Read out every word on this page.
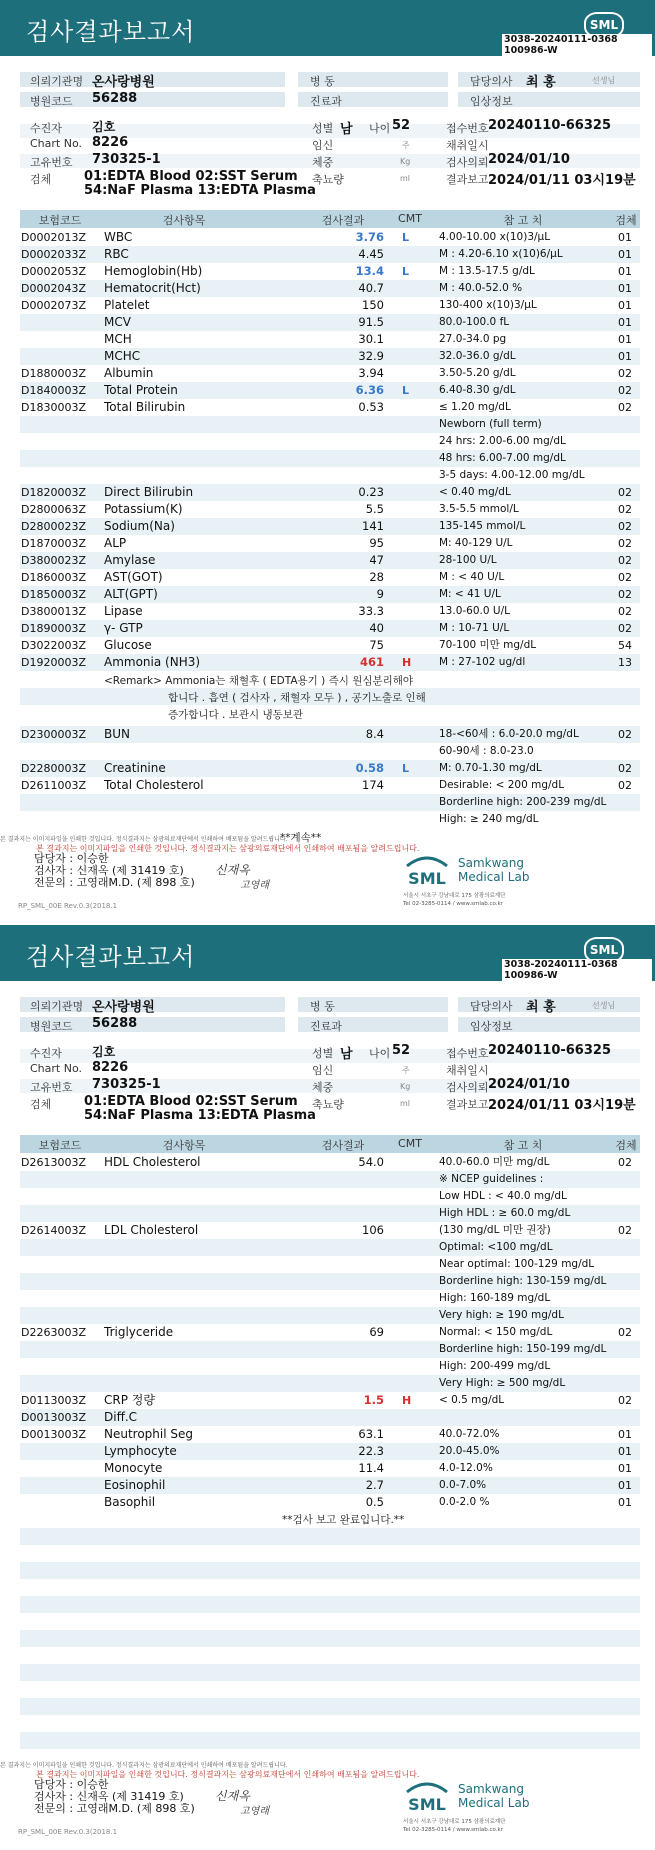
검사결과보고서	SML
3038-20240111-0368 100986-W
의뢰기관명 온사랑병원
병원코드 56288
병 동
진료과
담당의사 최 홍	선생님
임상정보
수진자	김호
Chart No. 8226
고유번호 730325-1
검체	01:EDTA Blood 02:SST Serum
54:NaF Plasma 13:EDTA Plasma
성별 남 나이 52
임신	주
체중	Kg
축뇨량	ml
접수번호 20240110-66325
채취일시
검사의뢰 2024/01/10
결과보고 2024/01/11 03시19분
보험코드	검사항목	검사결과	CMT	참 고 치	검체
D0002013Z WBC	3.76 L	4.00-10.00 x(10)3/μL	01
D0002033Z RBC	4.45	M : 4.20-6.10 x(10)6/μL	01
D0002053Z Hemoglobin(Hb)	13.4 L	M : 13.5-17.5 g/dL	01
D0002043Z Hematocrit(Hct)	40.7	M : 40.0-52.0 %	01
D0002073Z Platelet	150	130-400 x(10)3/μL	01
MCV	91.5	80.0-100.0 fL	01
MCH	30.1	27.0-34.0 pg	01
MCHC	32.9	32.0-36.0 g/dL	01
D1880003Z Albumin	3.94	3.50-5.20 g/dL	02
D1840003Z Total Protein	6.36 L	6.40-8.30 g/dL	02
D1830003Z Total Bilirubin	0.53	≤ 1.20 mg/dL	02
Newborn (full term)
24 hrs: 2.00-6.00 mg/dL
48 hrs: 6.00-7.00 mg/dL
3-5 days: 4.00-12.00 mg/dL
D1820003Z Direct Bilirubin	0.23	< 0.40 mg/dL	02
D2800063Z Potassium(K)	5.5	3.5-5.5 mmol/L	02
D2800023Z Sodium(Na)	141	135-145 mmol/L	02
D1870003Z ALP	95	M: 40-129 U/L	02
D3800023Z Amylase	47	28-100 U/L	02
D1860003Z AST(GOT)	28	M : < 40 U/L	02
D1850003Z ALT(GPT)	9	M: < 41 U/L	02
D3800013Z Lipase	33.3	13.0-60.0 U/L	02
D1890003Z γ- GTP	40	M : 10-71 U/L	02
D3022003Z Glucose	75	70-100 미만 mg/dL	54
D1920003Z Ammonia (NH3)	461 H	M : 27-102 ug/dl	13
<Remark> Ammonia는 채혈후 ( EDTA용기 ) 즉시 원심분리해야
합니다 . 흡연 ( 검사자 , 채혈자 모두 ) , 공기노출로 인해
증가합니다 . 보관시 냉동보관
D2300003Z BUN	8.4	18-<60세 : 6.0-20.0 mg/dL	02
60-90세 : 8.0-23.0
D2280003Z Creatinine	0.58 L	M: 0.70-1.30 mg/dL	02
D2611003Z Total Cholesterol	174	Desirable: < 200 mg/dL	02
Borderline high: 200-239 mg/dL
High: ≥ 240 mg/dL
**계속**
본 결과지는 이미지파일을 인쇄한 것입니다. 정식결과지는 삼광의료재단에서 인쇄하여 배포됨을 알려드립니다.
본 결과지는 이미지파일을 인쇄한 것입니다. 정식결과지는 삼광의료재단에서 인쇄하여 배포됨을 알려드립니다.
담당자 : 이승한
검사자 : 신재옥 (제 31419 호)
전문의 : 고영래M.D. (제 898 호)
신재옥
고영래	SML
Samkwang
Medical Lab
서울시 서초구 강남대로 175 삼광의료재단
Tel 02-3285-0114 / www.smlab.co.kr
RP_SML_00E Rev.0.3(2018.1
검사결과보고서	SML
3038-20240111-0368 100986-W
의뢰기관명 온사랑병원
병원코드 56288
병 동
진료과
담당의사 최 홍	선생님
임상정보
수진자	김호
Chart No. 8226
고유번호 730325-1
검체	01:EDTA Blood 02:SST Serum
54:NaF Plasma 13:EDTA Plasma
성별 남 나이 52
임신	주
체중	Kg
축뇨량	ml
접수번호 20240110-66325
채취일시
검사의뢰 2024/01/10
결과보고 2024/01/11 03시19분
보험코드	검사항목	검사결과	CMT	참 고 치	검체
D2613003Z HDL Cholesterol	54.0	40.0-60.0 미만 mg/dL	02
※ NCEP guidelines :
Low HDL : < 40.0 mg/dL
High HDL : ≥ 60.0 mg/dL
D2614003Z LDL Cholesterol	106	(130 mg/dL 미만 권장)	02
Optimal: <100 mg/dL
Near optimal: 100-129 mg/dL
Borderline high: 130-159 mg/dL
High: 160-189 mg/dL
Very high: ≥ 190 mg/dL
D2263003Z Triglyceride	69	Normal: < 150 mg/dL	02
Borderline high: 150-199 mg/dL
High: 200-499 mg/dL
Very High: ≥ 500 mg/dL
D0113003Z CRP 정량	1.5 H	< 0.5 mg/dL	02
D0013003Z Diff.C
D0013003Z Neutrophil Seg	63.1	40.0-72.0%	01
Lymphocyte	22.3	20.0-45.0%	01
Monocyte	11.4	4.0-12.0%	01
Eosinophil	2.7	0.0-7.0%	01
Basophil	0.5	0.0-2.0 %	01
**검사 보고 완료입니다.**
본 결과지는 이미지파일을 인쇄한 것입니다. 정식결과지는 삼광의료재단에서 인쇄하여 배포됨을 알려드립니다.
본 결과지는 이미지파일을 인쇄한 것입니다. 정식결과지는 삼광의료재단에서 인쇄하여 배포됨을 알려드립니다.
담당자 : 이승한
검사자 : 신재옥 (제 31419 호)
전문의 : 고영래M.D. (제 898 호)
신재옥
고영래	SML
Samkwang
Medical Lab
서울시 서초구 강남대로 175 삼광의료재단
Tel 02-3285-0114 / www.smlab.co.kr
RP_SML_00E Rev.0.3(2018.1
